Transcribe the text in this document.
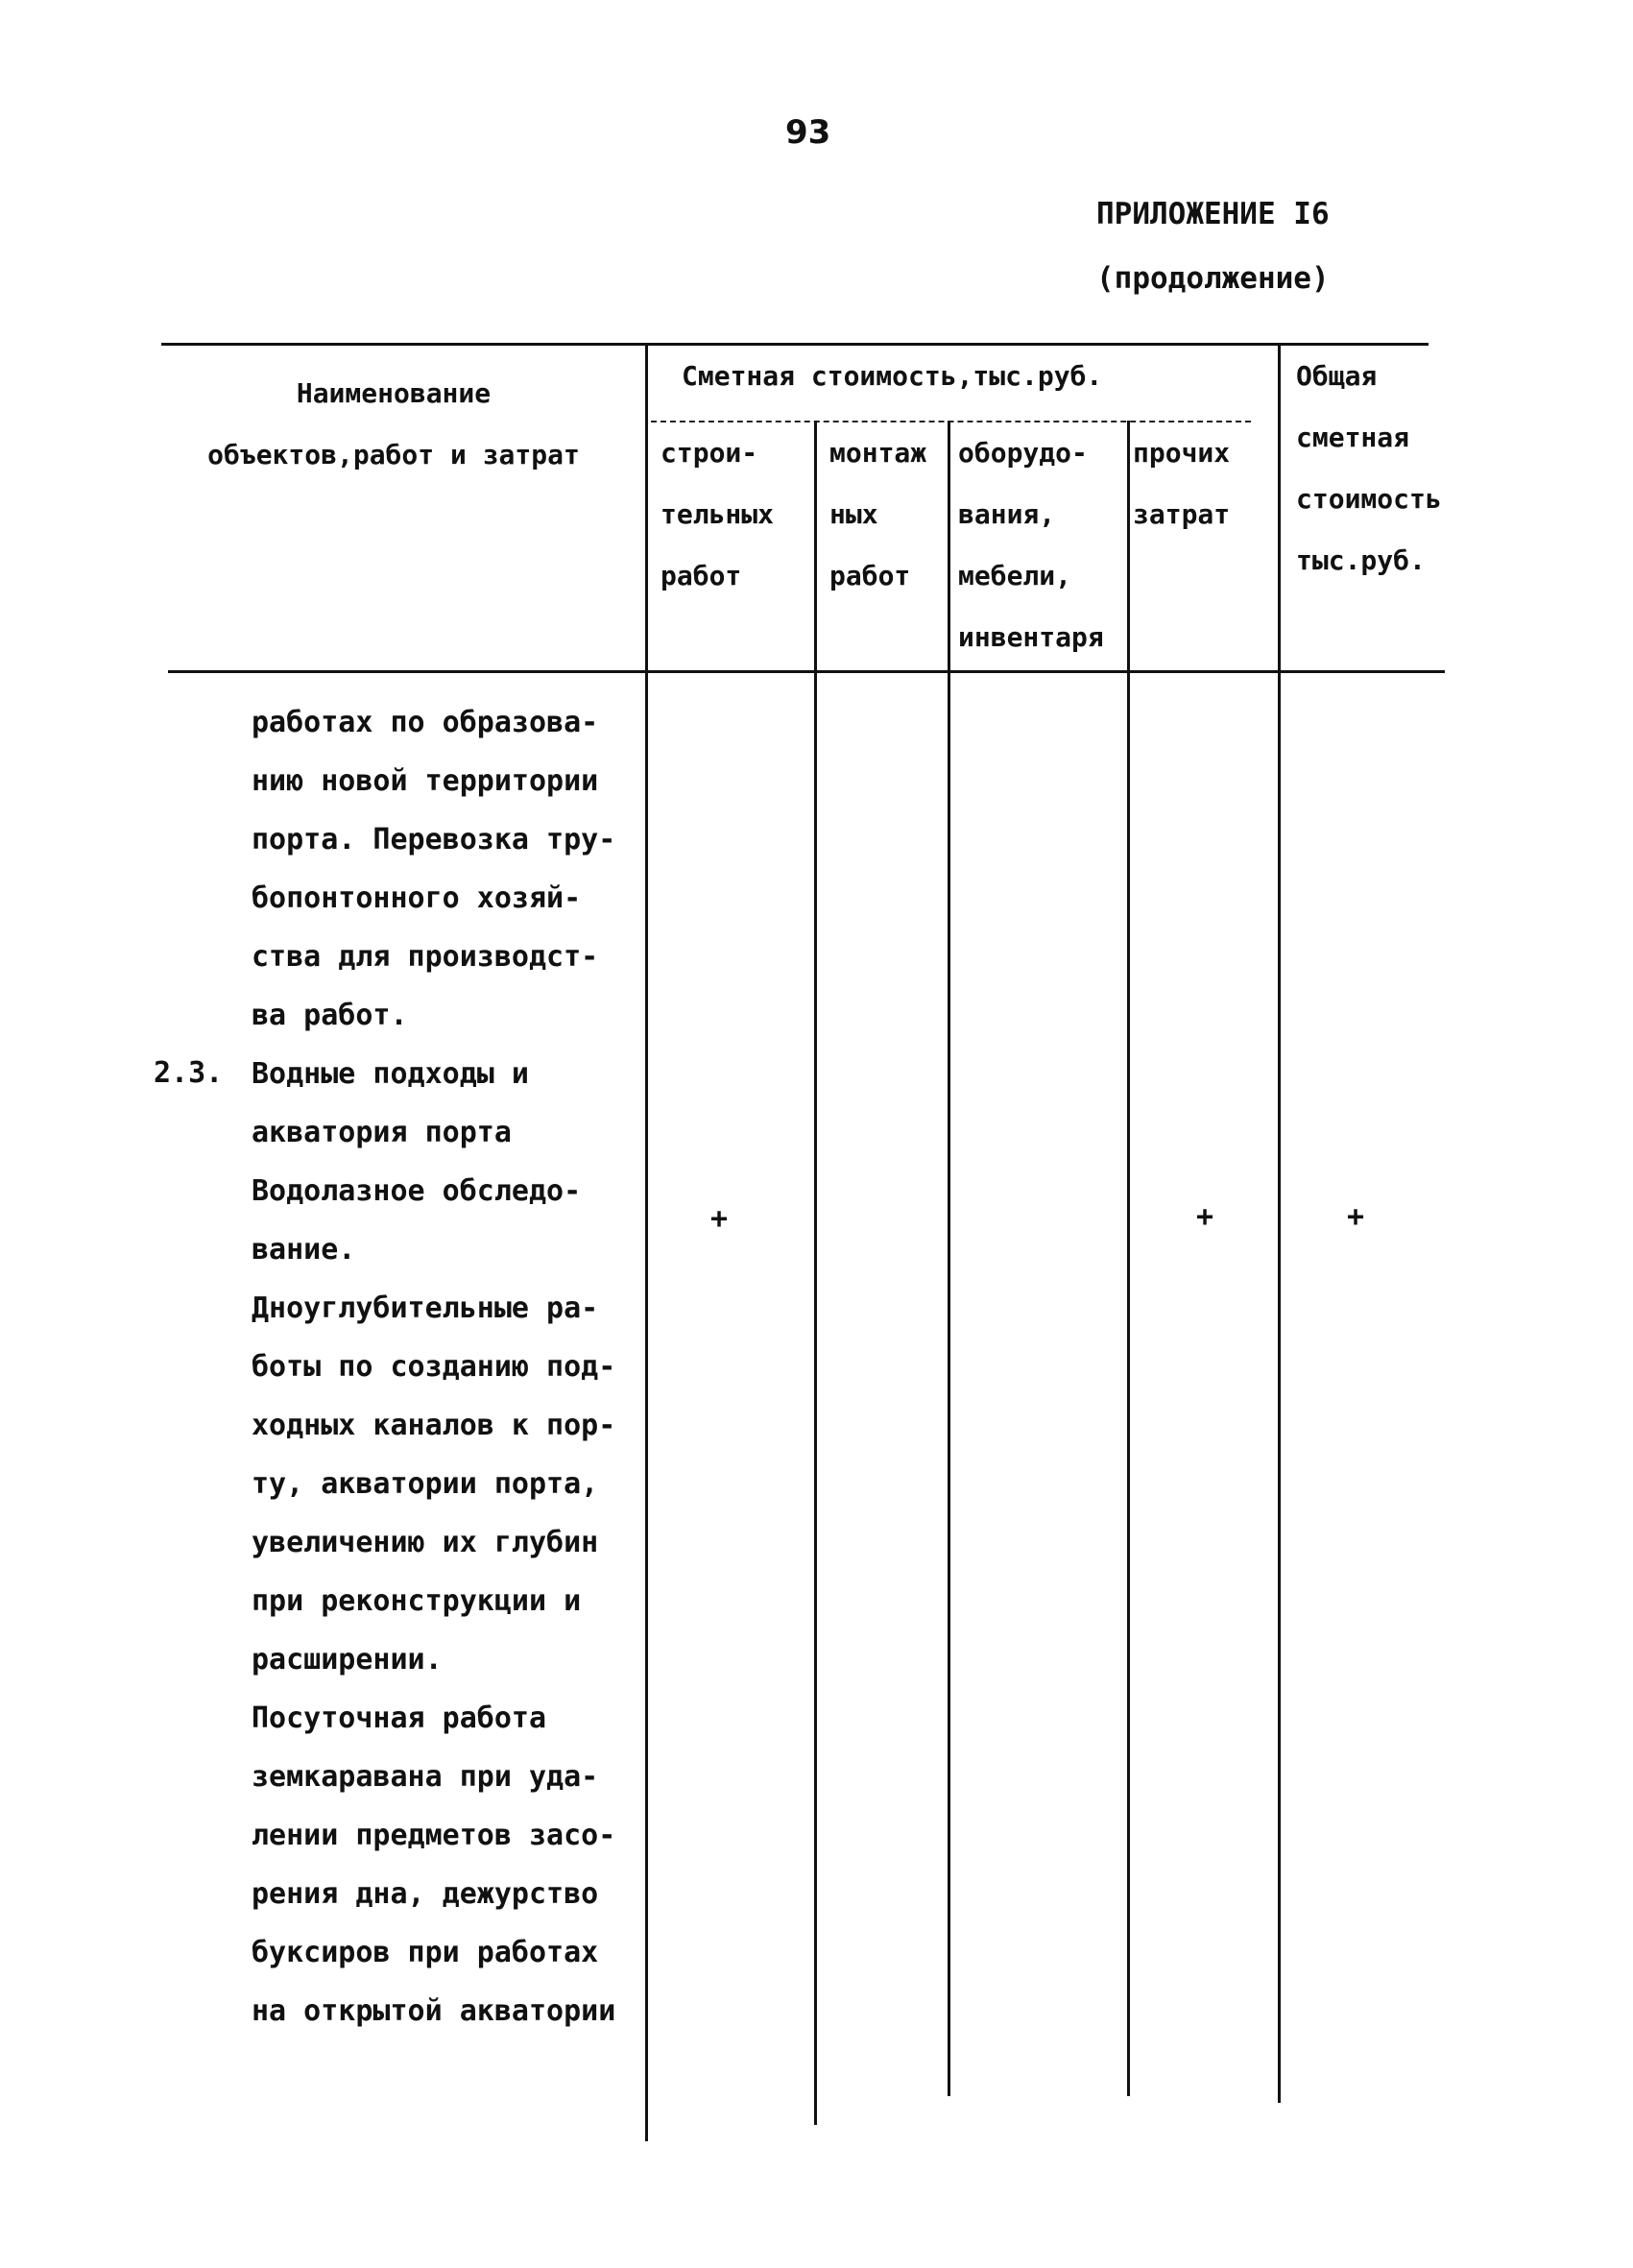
93
ПРИЛОЖЕНИЕ I6
(продолжение)
Наименование
объектов,работ и затрат
Сметная стоимость,тыс.руб.
строи-
тельных
работ
монтаж
ных
работ
оборудо-
вания,
мебели,
инвентаря
прочих
затрат
Общая
сметная
стоимость
тыс.руб.
работах по образова-
нию новой территории
порта. Перевозка тру-
бопонтонного хозяй-
ства для производст-
ва работ.
Водные подходы и
акватория порта
Водолазное обследо-
вание.
Дноуглубительные ра-
боты по созданию под-
ходных каналов к пор-
ту, акватории порта,
увеличению их глубин
при реконструкции и
расширении.
Посуточная работа
земкаравана при уда-
лении предметов засо-
рения дна, дежурство
буксиров при работах
на открытой акватории
2.3.
+	+	+
